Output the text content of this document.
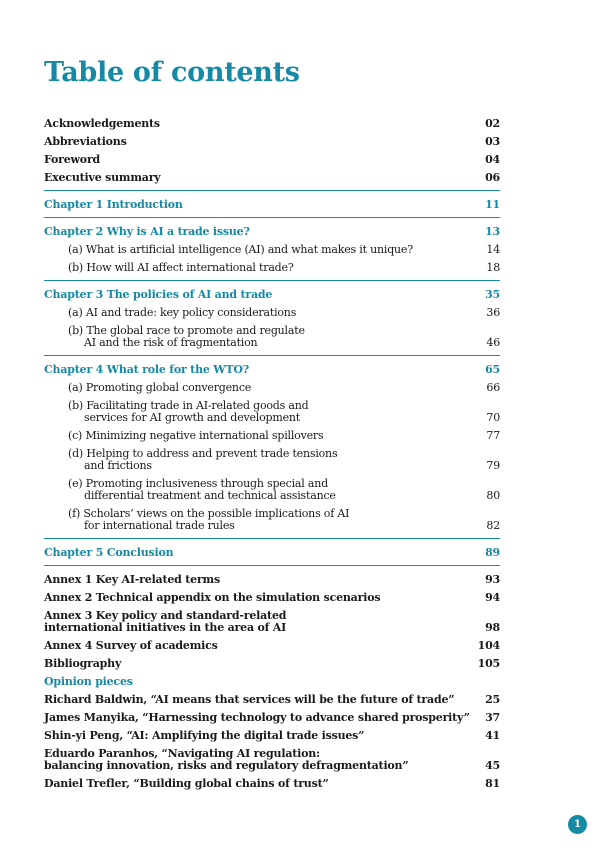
Table of contents
Acknowledgements	02
Abbreviations	03
Foreword	04
Executive summary	06
Chapter 1 Introduction	11
Chapter 2 Why is AI a trade issue?	13
(a) What is artificial intelligence (AI) and what makes it unique?	14
(b) How will AI affect international trade?	18
Chapter 3 The policies of AI and trade	35
(a) AI and trade: key policy considerations	36
(b) The global race to promote and regulate
AI and the risk of fragmentation	46
Chapter 4 What role for the WTO?	65
(a) Promoting global convergence	66
(b) Facilitating trade in AI-related goods and
services for AI growth and development	70
(c) Minimizing negative international spillovers	77
(d) Helping to address and prevent trade tensions
and frictions	79
(e) Promoting inclusiveness through special and
differential treatment and technical assistance	80
(f) Scholars’ views on the possible implications of AI
for international trade rules	82
Chapter 5 Conclusion	89
Annex 1 Key AI-related terms	93
Annex 2 Technical appendix on the simulation scenarios	94
Annex 3 Key policy and standard-related
international initiatives in the area of AI	98
Annex 4 Survey of academics	104
Bibliography	105
Opinion pieces
Richard Baldwin, “AI means that services will be the future of trade”	25
James Manyika, “Harnessing technology to advance shared prosperity” 37
Shin-yi Peng, “AI: Amplifying the digital trade issues”	41
Eduardo Paranhos, “Navigating AI regulation:
balancing innovation, risks and regulatory defragmentation”	45
Daniel Trefler, “Building global chains of trust”	81
1
